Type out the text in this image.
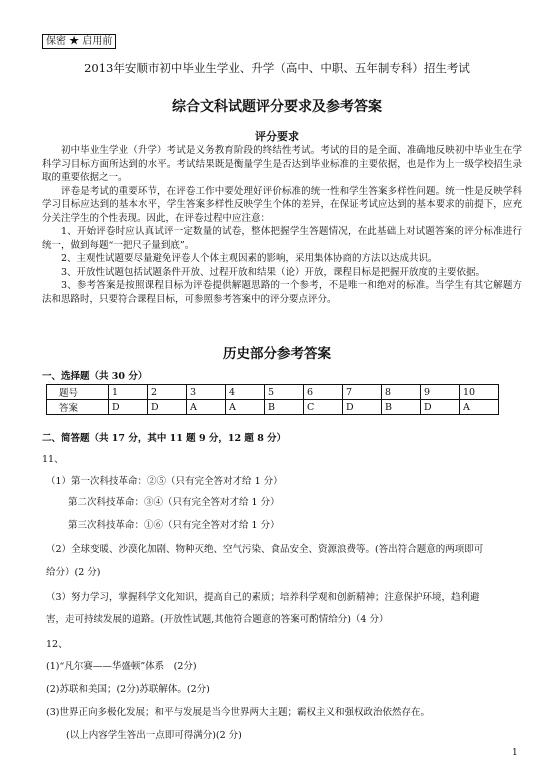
保密 ★ 启用前
2013年安顺市初中毕业生学业、升学（高中、中职、五年制专科）招生考试
综合文科试题评分要求及参考答案
评分要求

初中毕业生学业（升学）考试是义务教育阶段的终结性考试。考试的目的是全面、准确地反映初中毕业生在学科学习目标方面所达到的水平。考试结果既是衡量学生是否达到毕业标准的主要依据，也是作为上一级学校招生录取的重要依据之一。

评卷是考试的重要环节，在评卷工作中要处理好评价标准的统一性和学生答案多样性问题。统一性是反映学科学习目标应达到的基本水平，学生答案多样性反映学生个体的差异，在保证考试应达到的基本要求的前提下，应充分关注学生的个性表现。因此，在评卷过程中应注意：

1、开始评卷时应认真试评一定数量的试卷，整体把握学生答题情况，在此基础上对试题答案的评分标准进行统一，做到每题“一把尺子量到底”。

2、主观性试题要尽量避免评卷人个体主观因素的影响，采用集体协商的方法以达成共识。

3、开放性试题包括试题条件开放、过程开放和结果（论）开放，课程目标是把握开放度的主要依据。

3、参考答案是按照课程目标为评卷提供解题思路的一个参考，不是唯一和绝对的标准。当学生有其它解题方法和思路时，只要符合课程目标，可参照参考答案中的评分要点评分。

历史部分参考答案
一、选择题（共 30 分）
题号	1	2	3	4	5	6	7	8	9	10
答案	D	D	A	A	B	C	D	B	D	A
二、简答题（共 17 分，其中 11 题 9 分，12 题 8 分）
11、
（1）第一次科技革命：②⑤（只有完全答对才给 1 分）
第二次科技革命：③④（只有完全答对才给 1 分）
第三次科技革命：①⑥（只有完全答对才给 1 分）
（2）全球变暖、沙漠化加剧、物种灭绝、空气污染、食品安全、资源浪费等。(答出符合题意的两项即可
给分）(2 分)
（3）努力学习，掌握科学文化知识，提高自己的素质；培养科学观和创新精神；注意保护环境，趋利避
害，走可持续发展的道路。(开放性试题,其他符合题意的答案可酌情给分)（4 分）
12、
(1)“凡尔赛——华盛顿”体系　(2分)
(2)苏联和美国；(2分)苏联解体。(2分)
(3)世界正向多极化发展；和平与发展是当今世界两大主题；霸权主义和强权政治依然存在。
(以上内容学生答出一点即可得满分)(2 分)
1
